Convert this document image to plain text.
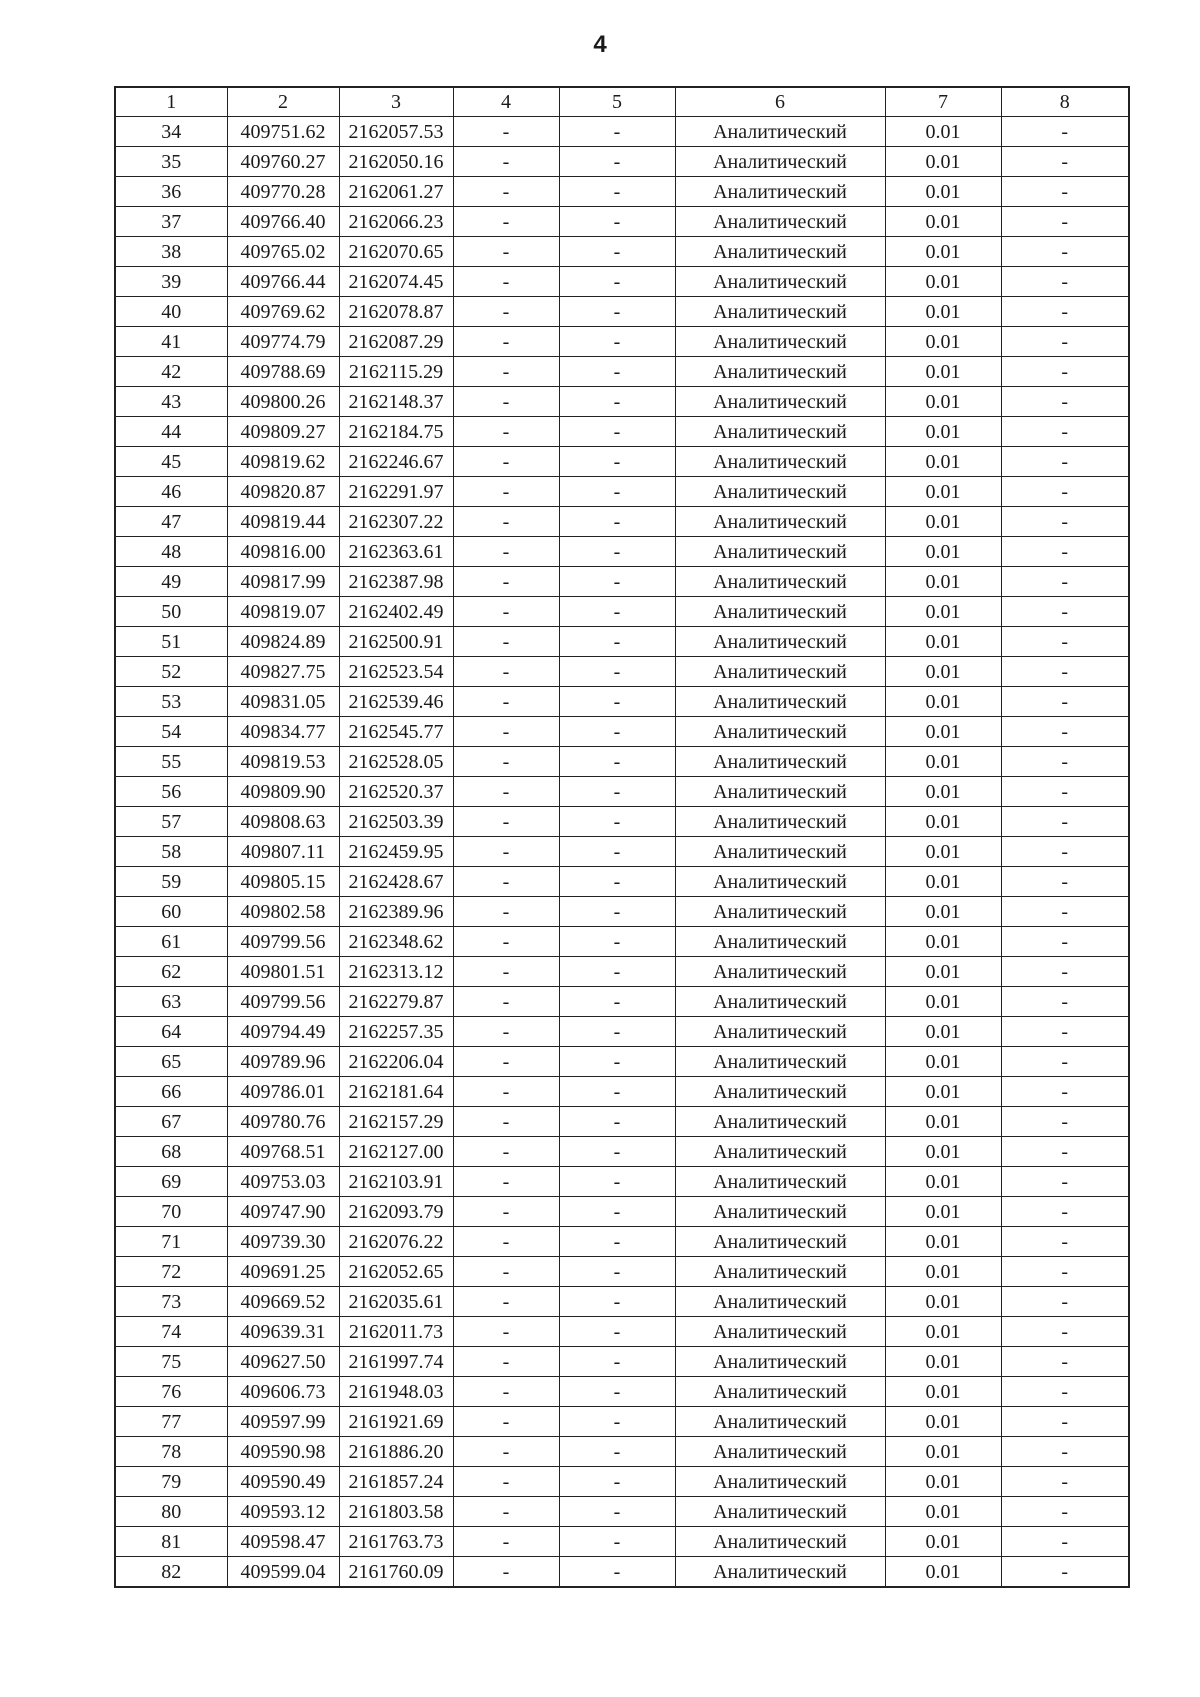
4
1	2	3	4	5	6	7	8
34	409751.62	2162057.53	-	-	Аналитический	0.01	-
35	409760.27	2162050.16	-	-	Аналитический	0.01	-
36	409770.28	2162061.27	-	-	Аналитический	0.01	-
37	409766.40	2162066.23	-	-	Аналитический	0.01	-
38	409765.02	2162070.65	-	-	Аналитический	0.01	-
39	409766.44	2162074.45	-	-	Аналитический	0.01	-
40	409769.62	2162078.87	-	-	Аналитический	0.01	-
41	409774.79	2162087.29	-	-	Аналитический	0.01	-
42	409788.69	2162115.29	-	-	Аналитический	0.01	-
43	409800.26	2162148.37	-	-	Аналитический	0.01	-
44	409809.27	2162184.75	-	-	Аналитический	0.01	-
45	409819.62	2162246.67	-	-	Аналитический	0.01	-
46	409820.87	2162291.97	-	-	Аналитический	0.01	-
47	409819.44	2162307.22	-	-	Аналитический	0.01	-
48	409816.00	2162363.61	-	-	Аналитический	0.01	-
49	409817.99	2162387.98	-	-	Аналитический	0.01	-
50	409819.07	2162402.49	-	-	Аналитический	0.01	-
51	409824.89	2162500.91	-	-	Аналитический	0.01	-
52	409827.75	2162523.54	-	-	Аналитический	0.01	-
53	409831.05	2162539.46	-	-	Аналитический	0.01	-
54	409834.77	2162545.77	-	-	Аналитический	0.01	-
55	409819.53	2162528.05	-	-	Аналитический	0.01	-
56	409809.90	2162520.37	-	-	Аналитический	0.01	-
57	409808.63	2162503.39	-	-	Аналитический	0.01	-
58	409807.11	2162459.95	-	-	Аналитический	0.01	-
59	409805.15	2162428.67	-	-	Аналитический	0.01	-
60	409802.58	2162389.96	-	-	Аналитический	0.01	-
61	409799.56	2162348.62	-	-	Аналитический	0.01	-
62	409801.51	2162313.12	-	-	Аналитический	0.01	-
63	409799.56	2162279.87	-	-	Аналитический	0.01	-
64	409794.49	2162257.35	-	-	Аналитический	0.01	-
65	409789.96	2162206.04	-	-	Аналитический	0.01	-
66	409786.01	2162181.64	-	-	Аналитический	0.01	-
67	409780.76	2162157.29	-	-	Аналитический	0.01	-
68	409768.51	2162127.00	-	-	Аналитический	0.01	-
69	409753.03	2162103.91	-	-	Аналитический	0.01	-
70	409747.90	2162093.79	-	-	Аналитический	0.01	-
71	409739.30	2162076.22	-	-	Аналитический	0.01	-
72	409691.25	2162052.65	-	-	Аналитический	0.01	-
73	409669.52	2162035.61	-	-	Аналитический	0.01	-
74	409639.31	2162011.73	-	-	Аналитический	0.01	-
75	409627.50	2161997.74	-	-	Аналитический	0.01	-
76	409606.73	2161948.03	-	-	Аналитический	0.01	-
77	409597.99	2161921.69	-	-	Аналитический	0.01	-
78	409590.98	2161886.20	-	-	Аналитический	0.01	-
79	409590.49	2161857.24	-	-	Аналитический	0.01	-
80	409593.12	2161803.58	-	-	Аналитический	0.01	-
81	409598.47	2161763.73	-	-	Аналитический	0.01	-
82	409599.04	2161760.09	-	-	Аналитический	0.01	-
